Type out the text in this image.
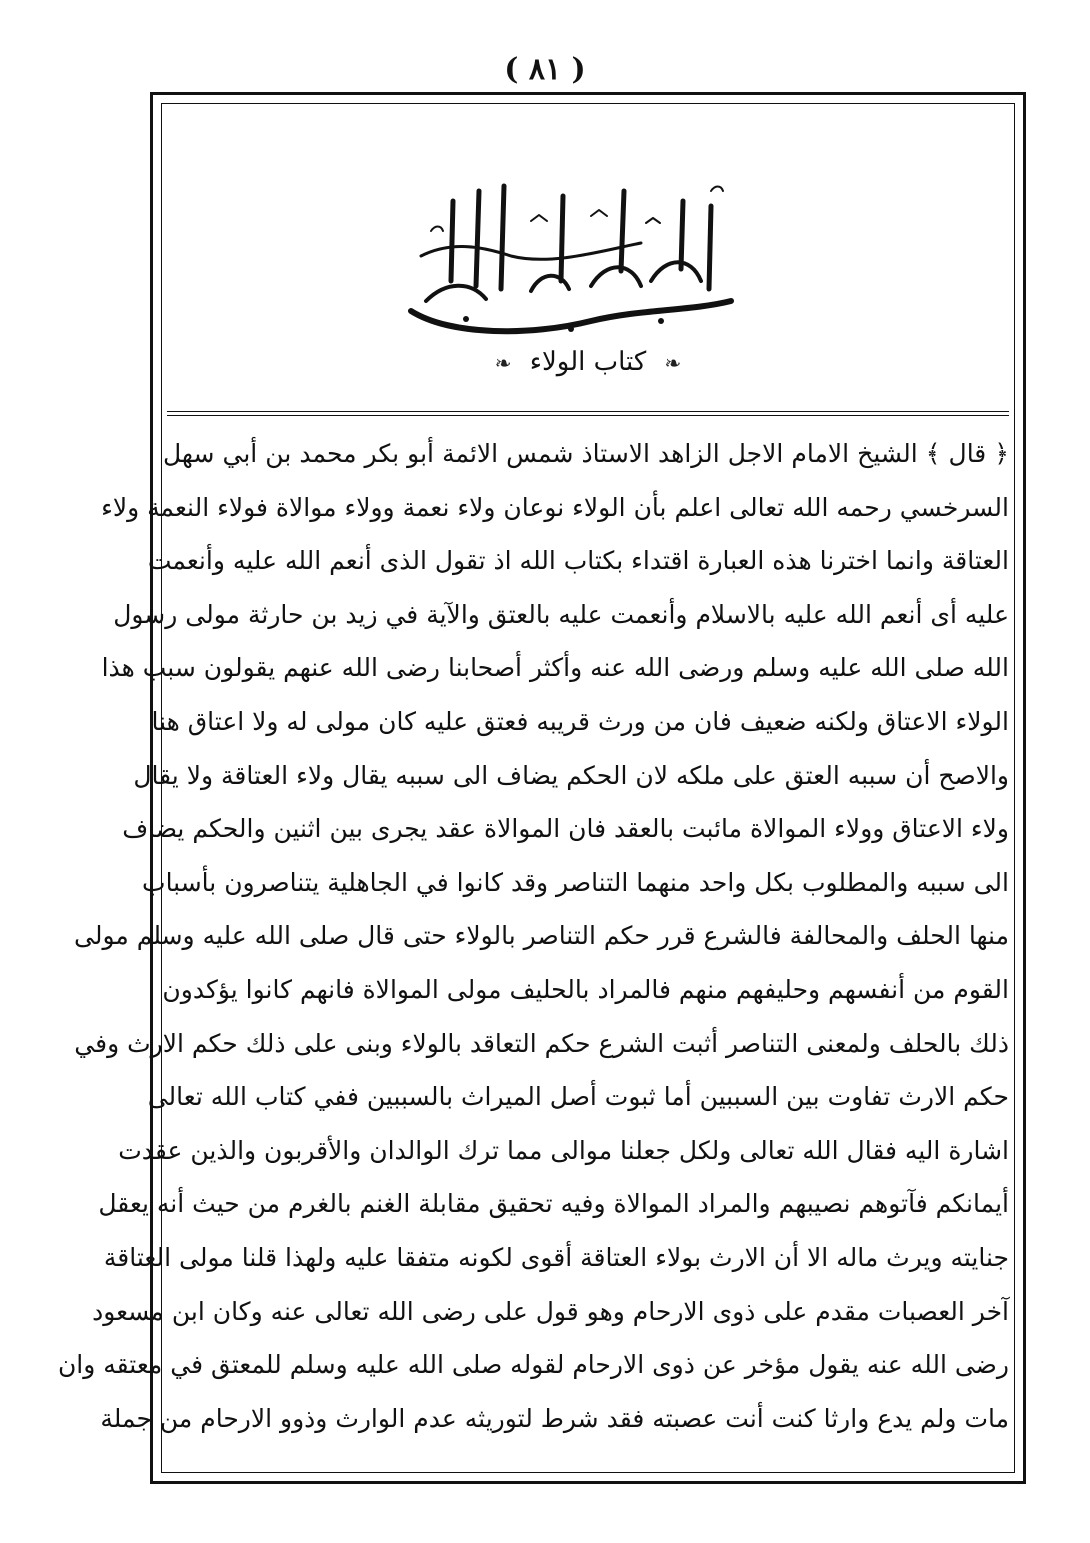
( ٨١ )
❧ كتاب الولاء ❧
﴿ قال ﴾ الشيخ الامام الاجل الزاهد الاستاذ شمس الائمة أبو بكر محمد بن أبي سهل
السرخسي رحمه الله تعالى اعلم بأن الولاء نوعان ولاء نعمة وولاء موالاة فولاء النعمة ولاء
العتاقة وانما اخترنا هذه العبارة اقتداء بكتاب الله اذ تقول الذى أنعم الله عليه وأنعمت
عليه أى أنعم الله عليه بالاسلام وأنعمت عليه بالعتق والآية في زيد بن حارثة مولى رسول
الله صلى الله عليه وسلم ورضى الله عنه وأكثر أصحابنا رضى الله عنهم يقولون سبب هذا
الولاء الاعتاق ولكنه ضعيف فان من ورث قريبه فعتق عليه كان مولى له ولا اعتاق هنا
والاصح أن سببه العتق على ملكه لان الحكم يضاف الى سببه يقال ولاء العتاقة ولا يقال
ولاء الاعتاق وولاء الموالاة مائبت بالعقد فان الموالاة عقد يجرى بين اثنين والحكم يضاف
الى سببه والمطلوب بكل واحد منهما التناصر وقد كانوا في الجاهلية يتناصرون بأسباب
منها الحلف والمحالفة فالشرع قرر حكم التناصر بالولاء حتى قال صلى الله عليه وسلم مولى
القوم من أنفسهم وحليفهم منهم فالمراد بالحليف مولى الموالاة فانهم كانوا يؤكدون
ذلك بالحلف ولمعنى التناصر أثبت الشرع حكم التعاقد بالولاء وبنى على ذلك حكم الارث وفي
حكم الارث تفاوت بين السببين أما ثبوت أصل الميراث بالسببين ففي كتاب الله تعالى
اشارة اليه فقال الله تعالى ولكل جعلنا موالى مما ترك الوالدان والأقربون والذين عقدت
أيمانكم فآتوهم نصيبهم والمراد الموالاة وفيه تحقيق مقابلة الغنم بالغرم من حيث أنه يعقل
جنايته ويرث ماله الا أن الارث بولاء العتاقة أقوى لكونه متفقا عليه ولهذا قلنا مولى العتاقة
آخر العصبات مقدم على ذوى الارحام وهو قول على رضى الله تعالى عنه وكان ابن مسعود
رضى الله عنه يقول مؤخر عن ذوى الارحام لقوله صلى الله عليه وسلم للمعتق في معتقه وان
مات ولم يدع وارثا كنت أنت عصبته فقد شرط لتوريثه عدم الوارث وذوو الارحام من جملة
